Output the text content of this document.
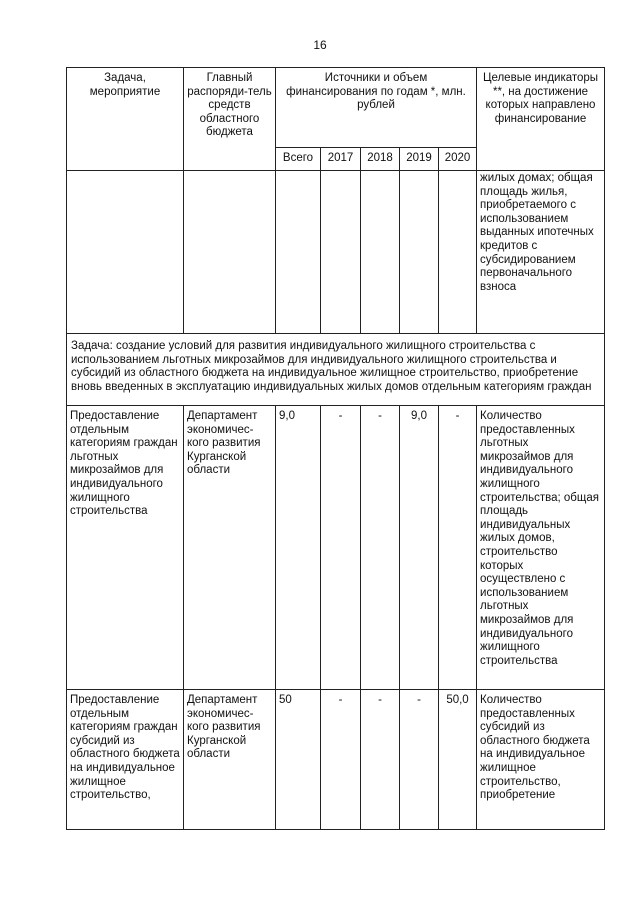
16
Задача, мероприятие	Главный распоряди-тель средств областного бюджета	Источники и объем финансирования по годам *, млн. рублей					Целевые индикаторы **, на достижение которых направлено финансирование
		Всего	2017	2018	2019	2020	
							жилых домах; общая площадь жилья, приобретаемого с использованием выданных ипотечных кредитов с субсидированием первоначального взноса
Задача: создание условий для развития индивидуального жилищного строительства с использованием льготных микрозаймов для индивидуального жилищного строительства и субсидий из областного бюджета на индивидуальное жилищное строительство, приобретение вновь введенных в эксплуатацию индивидуальных жилых домов отдельным категориям граждан							
Предоставление отдельным категориям граждан льготных микрозаймов для индивидуального жилищного строительства	Департамент экономичес-кого развития Курганской области	9,0	-	-	9,0	-	Количество предоставленных льготных микрозаймов для индивидуального жилищного строительства; общая площадь индивидуальных жилых домов, строительство которых осуществлено с использованием льготных микрозаймов для индивидуального жилищного строительства
Предоставление отдельным категориям граждан субсидий из областного бюджета на индивидуальное жилищное строительство,	Департамент экономичес-кого развития Курганской области	50	-	-	-	50,0	Количество предоставленных субсидий из областного бюджета на индивидуальное жилищное строительство, приобретение
